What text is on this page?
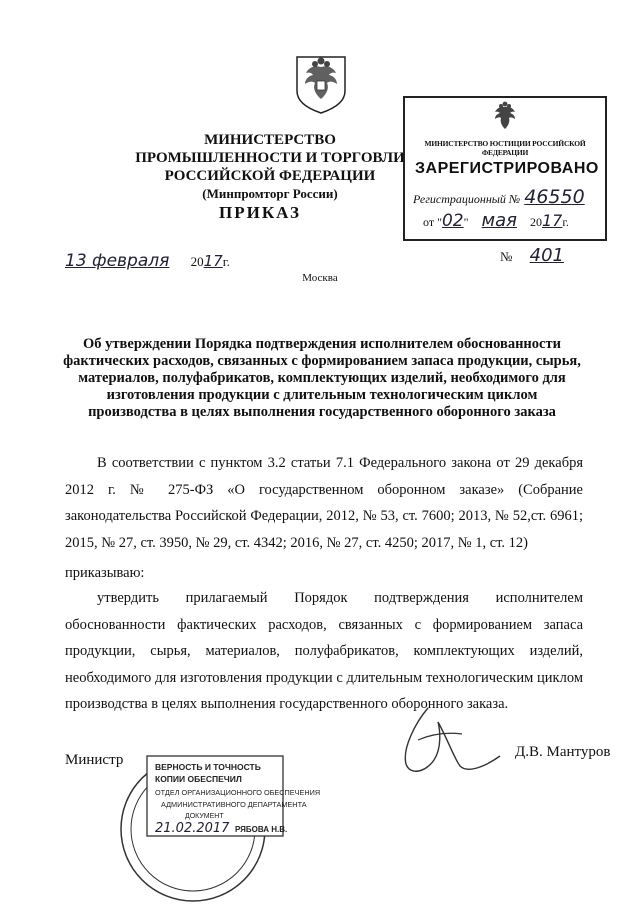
МИНИСТЕРСТВО ПРОМЫШЛЕННОСТИ И ТОРГОВЛИ
РОССИЙСКОЙ ФЕДЕРАЦИИ
(Минпромторг России)
ПРИКАЗ
МИНИСТЕРСТВО ЮСТИЦИИ РОССИЙСКОЙ ФЕДЕРАЦИИ
ЗАРЕГИСТРИРОВАНО
Регистрационный № 46550
от "02" мая 2017г.
13 февраля 2017г.	№ 401
Москва
Об утверждении Порядка подтверждения исполнителем обоснованности фактических расходов, связанных с формированием запаса продукции, сырья, материалов, полуфабрикатов, комплектующих изделий, необходимого для изготовления продукции с длительным технологическим циклом производства в целях выполнения государственного оборонного заказа
В соответствии с пунктом 3.2 статьи 7.1 Федерального закона от 29 декабря 2012 г. № 275-ФЗ «О государственном оборонном заказе» (Собрание законодательства Российской Федерации, 2012, № 53, ст. 7600; 2013, № 52,ст. 6961; 2015, № 27, ст. 3950, № 29, ст. 4342; 2016, № 27, ст. 4250; 2017, № 1, ст. 12)
приказываю:
утвердить прилагаемый Порядок подтверждения исполнителем обоснованности фактических расходов, связанных с формированием запаса продукции, сырья, материалов, полуфабрикатов, комплектующих изделий, необходимого для изготовления продукции с длительным технологическим циклом производства в целях выполнения государственного оборонного заказа.
Министр	Д.В. Мантуров
ВЕРНОСТЬ И ТОЧНОСТЬ
КОПИИ ОБЕСПЕЧИЛ
ОТДЕЛ ОРГАНИЗАЦИОННОГО ОБЕСПЕЧЕНИЯ
АДМИНИСТРАТИВНОГО ДЕПАРТАМЕНТА
ДОКУМЕНТ
21.02.2017 РЯБОВА Н.В.
